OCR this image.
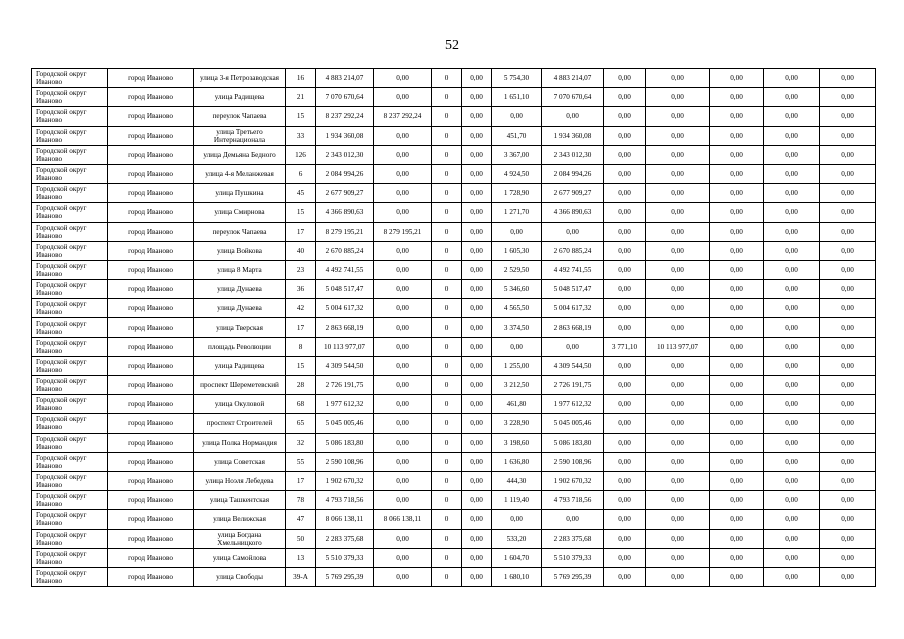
52
Городской округ Иваново	город Иваново	улица 3-я Петрозаводская	16	4 883 214,07	0,00	0	0,00	5 754,30	4 883 214,07	0,00	0,00	0,00	0,00	0,00
Городской округ Иваново	город Иваново	улица Радищева	21	7 070 670,64	0,00	0	0,00	1 651,10	7 070 670,64	0,00	0,00	0,00	0,00	0,00
Городской округ Иваново	город Иваново	переулок Чапаева	15	8 237 292,24	8 237 292,24	0	0,00	0,00	0,00	0,00	0,00	0,00	0,00	0,00
Городской округ Иваново	город Иваново	улица Третьего Интернационала	33	1 934 360,08	0,00	0	0,00	451,70	1 934 360,08	0,00	0,00	0,00	0,00	0,00
Городской округ Иваново	город Иваново	улица Демьяна Бедного	126	2 343 012,30	0,00	0	0,00	3 367,00	2 343 012,30	0,00	0,00	0,00	0,00	0,00
Городской округ Иваново	город Иваново	улица 4-я Меланжевая	6	2 084 994,26	0,00	0	0,00	4 924,50	2 084 994,26	0,00	0,00	0,00	0,00	0,00
Городской округ Иваново	город Иваново	улица Пушкина	45	2 677 909,27	0,00	0	0,00	1 728,90	2 677 909,27	0,00	0,00	0,00	0,00	0,00
Городской округ Иваново	город Иваново	улица Смирнова	15	4 366 890,63	0,00	0	0,00	1 271,70	4 366 890,63	0,00	0,00	0,00	0,00	0,00
Городской округ Иваново	город Иваново	переулок Чапаева	17	8 279 195,21	8 279 195,21	0	0,00	0,00	0,00	0,00	0,00	0,00	0,00	0,00
Городской округ Иваново	город Иваново	улица Войкова	40	2 670 885,24	0,00	0	0,00	1 605,30	2 670 885,24	0,00	0,00	0,00	0,00	0,00
Городской округ Иваново	город Иваново	улица 8 Марта	23	4 492 741,55	0,00	0	0,00	2 529,50	4 492 741,55	0,00	0,00	0,00	0,00	0,00
Городской округ Иваново	город Иваново	улица Дунаева	36	5 048 517,47	0,00	0	0,00	5 346,60	5 048 517,47	0,00	0,00	0,00	0,00	0,00
Городской округ Иваново	город Иваново	улица Дунаева	42	5 004 617,32	0,00	0	0,00	4 565,50	5 004 617,32	0,00	0,00	0,00	0,00	0,00
Городской округ Иваново	город Иваново	улица Тверская	17	2 863 668,19	0,00	0	0,00	3 374,50	2 863 668,19	0,00	0,00	0,00	0,00	0,00
Городской округ Иваново	город Иваново	площадь Революции	8	10 113 977,07	0,00	0	0,00	0,00	0,00	3 771,10	10 113 977,07	0,00	0,00	0,00
Городской округ Иваново	город Иваново	улица Радищева	15	4 309 544,50	0,00	0	0,00	1 255,00	4 309 544,50	0,00	0,00	0,00	0,00	0,00
Городской округ Иваново	город Иваново	проспект Шереметевский	28	2 726 191,75	0,00	0	0,00	3 212,50	2 726 191,75	0,00	0,00	0,00	0,00	0,00
Городской округ Иваново	город Иваново	улица Окуловой	68	1 977 612,32	0,00	0	0,00	461,80	1 977 612,32	0,00	0,00	0,00	0,00	0,00
Городской округ Иваново	город Иваново	проспект Строителей	65	5 045 005,46	0,00	0	0,00	3 228,90	5 045 005,46	0,00	0,00	0,00	0,00	0,00
Городской округ Иваново	город Иваново	улица Полка Нормандия	32	5 086 183,80	0,00	0	0,00	3 198,60	5 086 183,80	0,00	0,00	0,00	0,00	0,00
Городской округ Иваново	город Иваново	улица Советская	55	2 590 108,96	0,00	0	0,00	1 636,80	2 590 108,96	0,00	0,00	0,00	0,00	0,00
Городской округ Иваново	город Иваново	улица Ноэля Лебедева	17	1 902 670,32	0,00	0	0,00	444,30	1 902 670,32	0,00	0,00	0,00	0,00	0,00
Городской округ Иваново	город Иваново	улица Ташкентская	78	4 793 718,56	0,00	0	0,00	1 119,40	4 793 718,56	0,00	0,00	0,00	0,00	0,00
Городской округ Иваново	город Иваново	улица Велижская	47	8 066 138,11	8 066 138,11	0	0,00	0,00	0,00	0,00	0,00	0,00	0,00	0,00
Городской округ Иваново	город Иваново	улица Богдана Хмельницкого	50	2 283 375,68	0,00	0	0,00	533,20	2 283 375,68	0,00	0,00	0,00	0,00	0,00
Городской округ Иваново	город Иваново	улица Самойлова	13	5 510 379,33	0,00	0	0,00	1 604,70	5 510 379,33	0,00	0,00	0,00	0,00	0,00
Городской округ Иваново	город Иваново	улица Свободы	39-А	5 769 295,39	0,00	0	0,00	1 680,10	5 769 295,39	0,00	0,00	0,00	0,00	0,00
